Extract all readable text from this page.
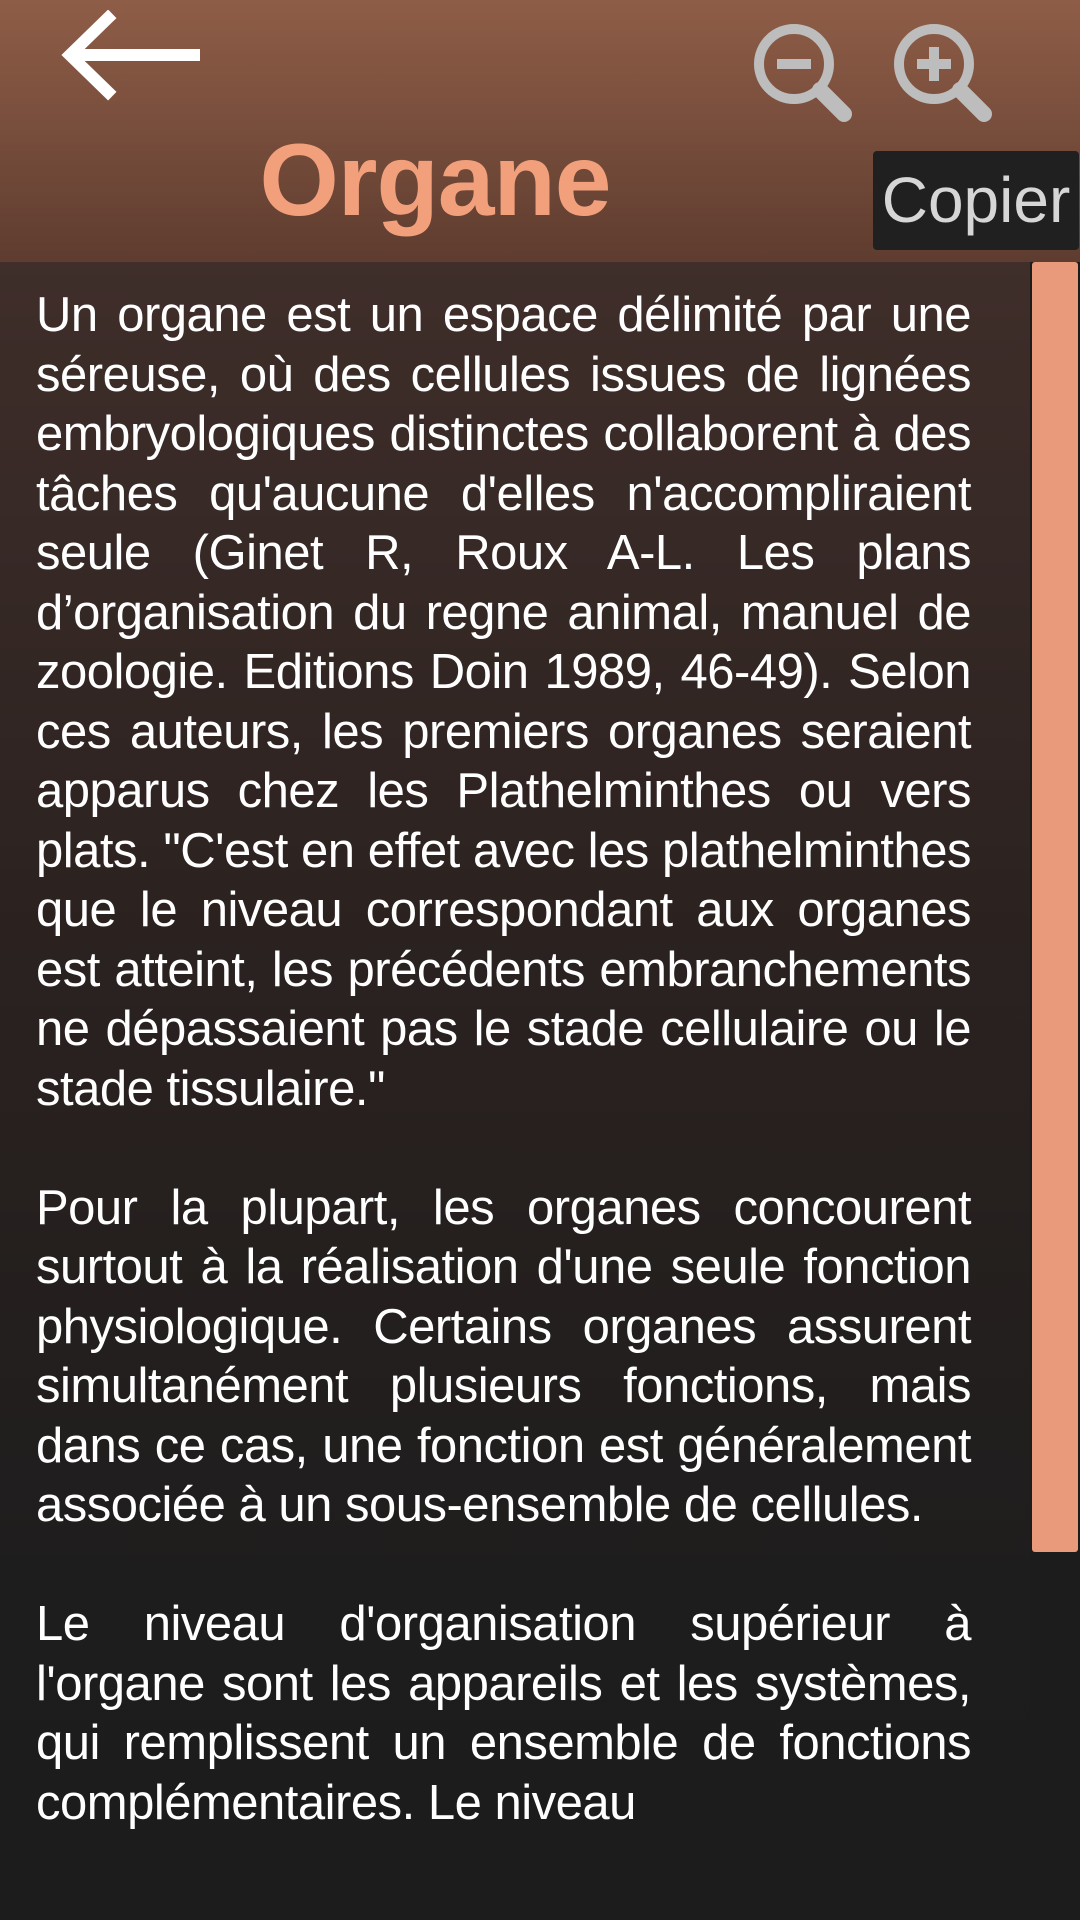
Organe	Copier

Un organe est un espace délimité par une séreuse, où des cellules issues de lignées embryologiques distinctes collaborent à des tâches qu'aucune d'elles n'accompliraient seule (Ginet R, Roux A-L. Les plans d’organisation du regne animal, manuel de zoologie. Editions Doin 1989, 46-49). Selon ces auteurs, les premiers organes seraient apparus chez les Plathelminthes ou vers plats. "C'est en effet avec les plathelminthes que le niveau correspondant aux organes est atteint, les précédents embranchements ne dépassaient pas le stade cellulaire ou le stade tissulaire."

Pour la plupart, les organes concourent surtout à la réalisation d'une seule fonction physiologique. Certains organes assurent simultanément plusieurs fonctions, mais dans ce cas, une fonction est généralement associée à un sous-ensemble de cellules.

Le niveau d'organisation supérieur à l'organe sont les appareils et les systèmes, qui remplissent un ensemble de fonctions complémentaires. Le niveau
